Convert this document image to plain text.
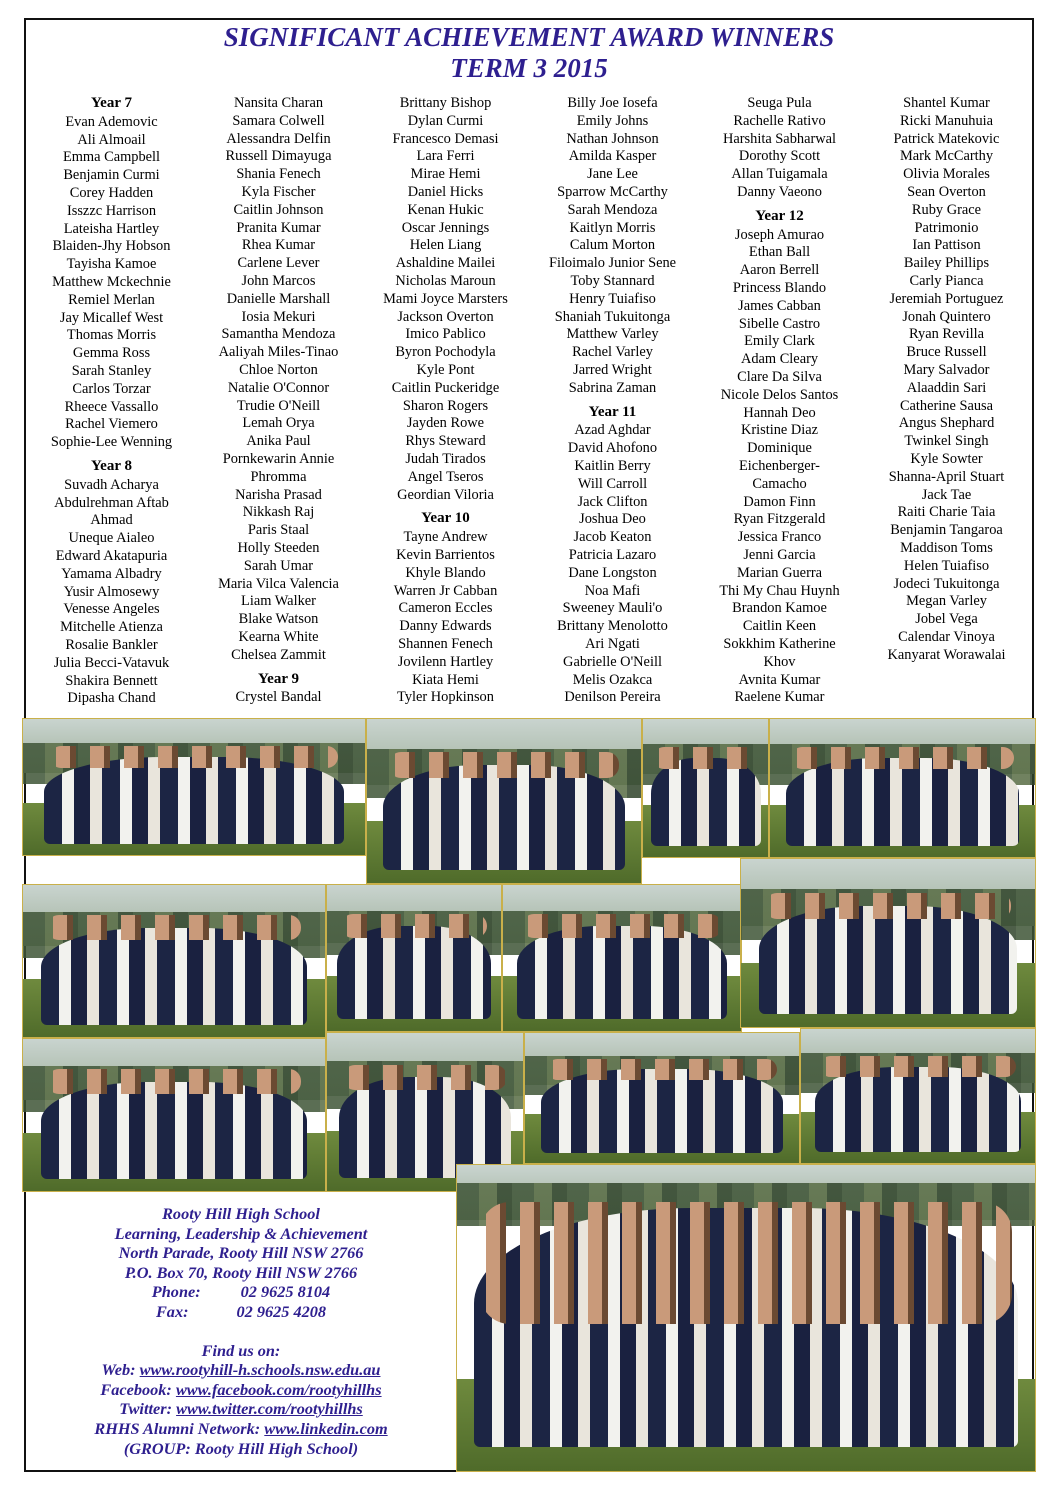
SIGNIFICANT ACHIEVEMENT AWARD WINNERS
TERM 3 2015
Year 7
Evan Ademovic
Ali Almoail
Emma Campbell
Benjamin Curmi
Corey Hadden
Isszzc Harrison
Lateisha Hartley
Blaiden-Jhy Hobson
Tayisha Kamoe
Matthew Mckechnie
Remiel Merlan
Jay Micallef West
Thomas Morris
Gemma Ross
Sarah Stanley
Carlos Torzar
Rheece Vassallo
Rachel Viemero
Sophie-Lee Wenning
Year 8
Suvadh Acharya
Abdulrehman Aftab
Ahmad
Uneque Aialeo
Edward Akatapuria
Yamama Albadry
Yusir Almosewy
Venesse Angeles
Mitchelle Atienza
Rosalie Bankler
Julia Becci-Vatavuk
Shakira Bennett
Dipasha Chand
Nansita Charan
Samara Colwell
Alessandra Delfin
Russell Dimayuga
Shania Fenech
Kyla Fischer
Caitlin Johnson
Pranita Kumar
Rhea Kumar
Carlene Lever
John Marcos
Danielle Marshall
Iosia Mekuri
Samantha Mendoza
Aaliyah Miles-Tinao
Chloe Norton
Natalie O'Connor
Trudie O'Neill
Lemah Orya
Anika Paul
Pornkewarin Annie
Phromma
Narisha Prasad
Nikkash Raj
Paris Staal
Holly Steeden
Sarah Umar
Maria Vilca Valencia
Liam Walker
Blake Watson
Kearna White
Chelsea Zammit
Year 9
Crystel Bandal
Brittany Bishop
Dylan Curmi
Francesco Demasi
Lara Ferri
Mirae Hemi
Daniel Hicks
Kenan Hukic
Oscar Jennings
Helen Liang
Ashaldine Mailei
Nicholas Maroun
Mami Joyce Marsters
Jackson Overton
Imico Pablico
Byron Pochodyla
Kyle Pont
Caitlin Puckeridge
Sharon Rogers
Jayden Rowe
Rhys Steward
Judah Tirados
Angel Tseros
Geordian Viloria
Year 10
Tayne Andrew
Kevin Barrientos
Khyle Blando
Warren Jr Cabban
Cameron Eccles
Danny Edwards
Shannen Fenech
Jovilenn Hartley
Kiata Hemi
Tyler Hopkinson
Billy Joe Iosefa
Emily Johns
Nathan Johnson
Amilda Kasper
Jane Lee
Sparrow McCarthy
Sarah Mendoza
Kaitlyn Morris
Calum Morton
Filoimalo Junior Sene
Toby Stannard
Henry Tuiafiso
Shaniah Tukuitonga
Matthew Varley
Rachel Varley
Jarred Wright
Sabrina Zaman
Year 11
Azad Aghdar
David Ahofono
Kaitlin Berry
Will Carroll
Jack Clifton
Joshua Deo
Jacob Keaton
Patricia Lazaro
Dane Longston
Noa Mafi
Sweeney Mauli'o
Brittany Menolotto
Ari Ngati
Gabrielle O'Neill
Melis Ozakca
Denilson Pereira
Seuga Pula
Rachelle Rativo
Harshita Sabharwal
Dorothy Scott
Allan Tuigamala
Danny Vaeono
Year 12
Joseph Amurao
Ethan Ball
Aaron Berrell
Princess Blando
James Cabban
Sibelle Castro
Emily Clark
Adam Cleary
Clare Da Silva
Nicole Delos Santos
Hannah Deo
Kristine Diaz
Dominique
Eichenberger-
Camacho
Damon Finn
Ryan Fitzgerald
Jessica Franco
Jenni Garcia
Marian Guerra
Thi My Chau Huynh
Brandon Kamoe
Caitlin Keen
Sokkhim Katherine
Khov
Avnita Kumar
Raelene Kumar
Shantel Kumar
Ricki Manuhuia
Patrick Matekovic
Mark McCarthy
Olivia Morales
Sean Overton
Ruby Grace
Patrimonio
Ian Pattison
Bailey Phillips
Carly Pianca
Jeremiah Portuguez
Jonah Quintero
Ryan Revilla
Bruce Russell
Mary Salvador
Alaaddin Sari
Catherine Sausa
Angus Shephard
Twinkel Singh
Kyle Sowter
Shanna-April Stuart
Jack Tae
Raiti Charie Taia
Benjamin Tangaroa
Maddison Toms
Helen Tuiafiso
Jodeci Tukuitonga
Megan Varley
Jobel Vega
Calendar Vinoya
Kanyarat Worawalai
Rooty Hill High School
Learning, Leadership & Achievement
North Parade, Rooty Hill NSW 2766
P.O. Box 70, Rooty Hill NSW 2766
Phone: 02 9625 8104
Fax:	02 9625 4208
Find us on:
Web: www.rootyhill-h.schools.nsw.edu.au
Facebook: www.facebook.com/rootyhillhs
Twitter: www.twitter.com/rootyhillhs
RHHS Alumni Network: www.linkedin.com
(GROUP: Rooty Hill High School)
